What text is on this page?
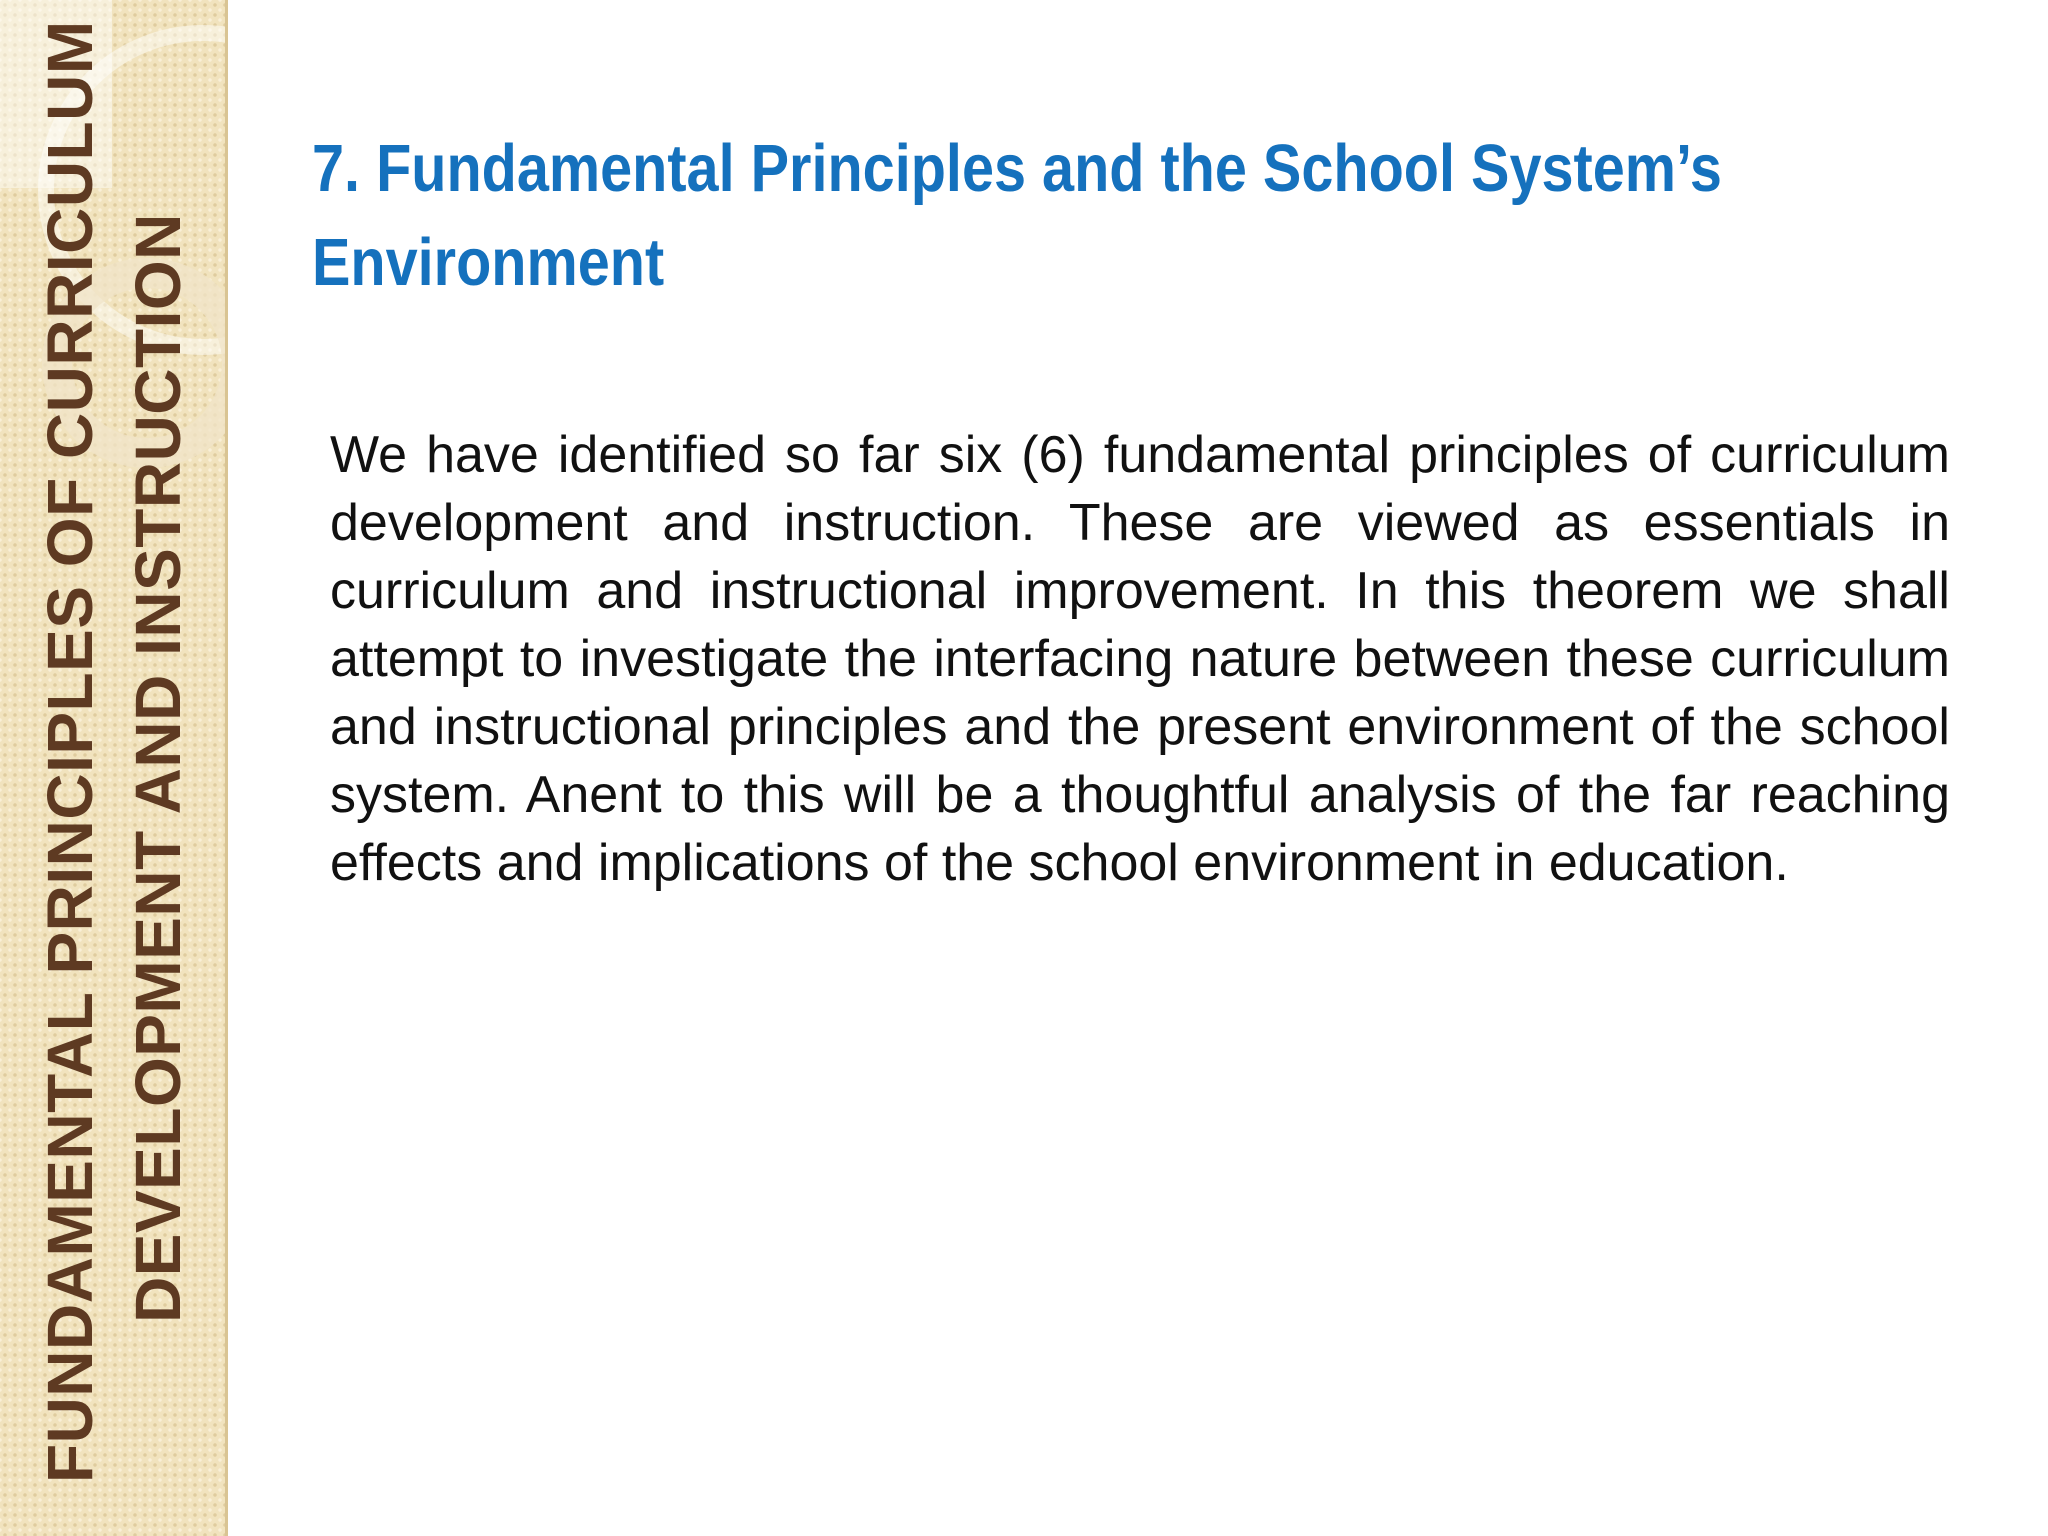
FUNDAMENTAL PRINCIPLES OF CURRICULUM DEVELOPMENT AND INSTRUCTION
7. Fundamental Principles and the School System’s Environment

We have identified so far six (6) fundamental principles of curriculum development and instruction. These are viewed as essentials in curriculum and instructional improvement. In this theorem we shall attempt to investigate the interfacing nature between these curriculum and instructional principles and the present environment of the school system. Anent to this will be a thoughtful analysis of the far reaching effects and implications of the school environment in education.
